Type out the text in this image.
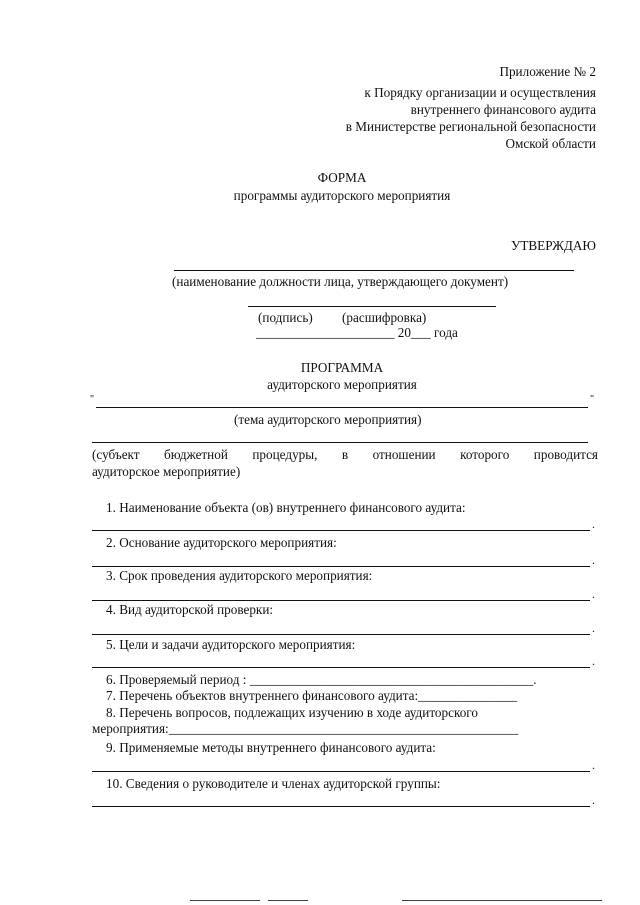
Приложение № 2
к Порядку организации и осуществления
внутреннего финансового аудита
в Министерстве региональной безопасности
Омской области
ФОРМА
программы аудиторского мероприятия
УТВЕРЖДАЮ
(наименование должности лица, утверждающего документ)
(подпись) (расшифровка)
_____________________ 20___ года
ПРОГРАММА
аудиторского мероприятия
"	"
(тема аудиторского мероприятия)
(субъект бюджетной процедуры, в отношении которого проводится
аудиторское мероприятие)
1. Наименование объекта (ов) внутреннего финансового аудита:
.
2. Основание аудиторского мероприятия:
.
3. Срок проведения аудиторского мероприятия:
.
4. Вид аудиторской проверки:
.
5. Цели и задачи аудиторского мероприятия:
.
6. Проверяемый период : ___________________________________________.
7. Перечень объектов внутреннего финансового аудита:_______________
8. Перечень вопросов, подлежащих изучению в ходе аудиторского
мероприятия:_____________________________________________________
9. Применяемые методы внутреннего финансового аудита:
.
10. Сведения о руководителе и членах аудиторской группы:
.
